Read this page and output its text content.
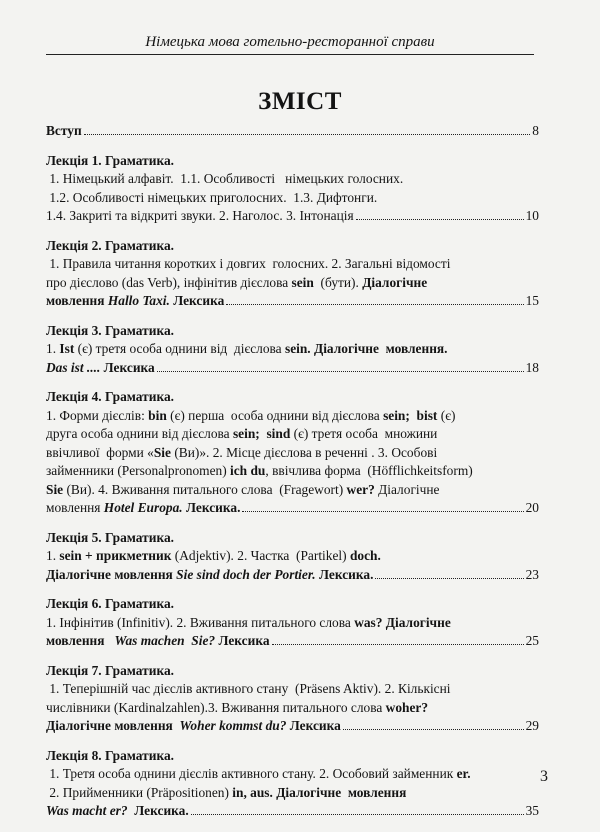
Німецька мова готельно-ресторанної справи
ЗМІСТ
Вступ	8
Лекція 1. Граматика.
1. Німецький алфавіт.  1.1. Особливості   німецьких голосних.
1.2. Особливості німецьких приголосних.  1.3. Дифтонги.
1.4. Закриті та відкриті звуки. 2. Наголос. 3. Інтонація	10
Лекція 2. Граматика.
1. Правила читання коротких і довгих  голосних. 2. Загальні відомості
про дієслово (das Verb), інфінітив дієслова sein  (бути). Діалогічне
мовлення Hallo Taxi. Лексика	15
Лекція 3. Граматика.
1. Ist (є) третя особа однини від  дієслова sein. Діалогічне  мовлення.
Das ist .... Лексика	18
Лекція 4. Граматика.
1. Форми дієслів: bin (є) перша  особа однини від дієслова sein;  bist (є)
друга особа однини від дієслова sein;  sind (є) третя особа  множини
ввічливої  форми «Sie (Ви)». 2. Місце дієслова в реченні . 3. Особові
займенники (Personalpronomen) ich du, ввічлива форма  (Höfflichkeitsform)
Sie (Ви). 4. Вживання питального слова  (Fragewort) wer? Діалогічне
мовлення Hotel Europa. Лексика.	20
Лекція 5. Граматика.
1. sein + прикметник (Adjektiv). 2. Частка  (Partikel) doch.
Діалогічне мовлення Sie sind doch der Portier. Лексика.	23
Лекція 6. Граматика.
1. Інфінітив (Infinitiv). 2. Вживання питального слова was? Діалогічне
мовлення   Was machen  Sie? Лексика	25
Лекція 7. Граматика.
1. Теперішній час дієслів активного стану  (Präsens Aktiv). 2. Кількісні
числівники (Kardinalzahlen).3. Вживання питального слова woher?
Діалогічне мовлення  Woher kommst du? Лексика	29
Лекція 8. Граматика.
1. Третя особа однини дієслів активного стану. 2. Особовий займенник er.
2. Прийменники (Präpositionen) in, aus. Діалогічне  мовлення
Was macht er?  Лексика.	35
3
